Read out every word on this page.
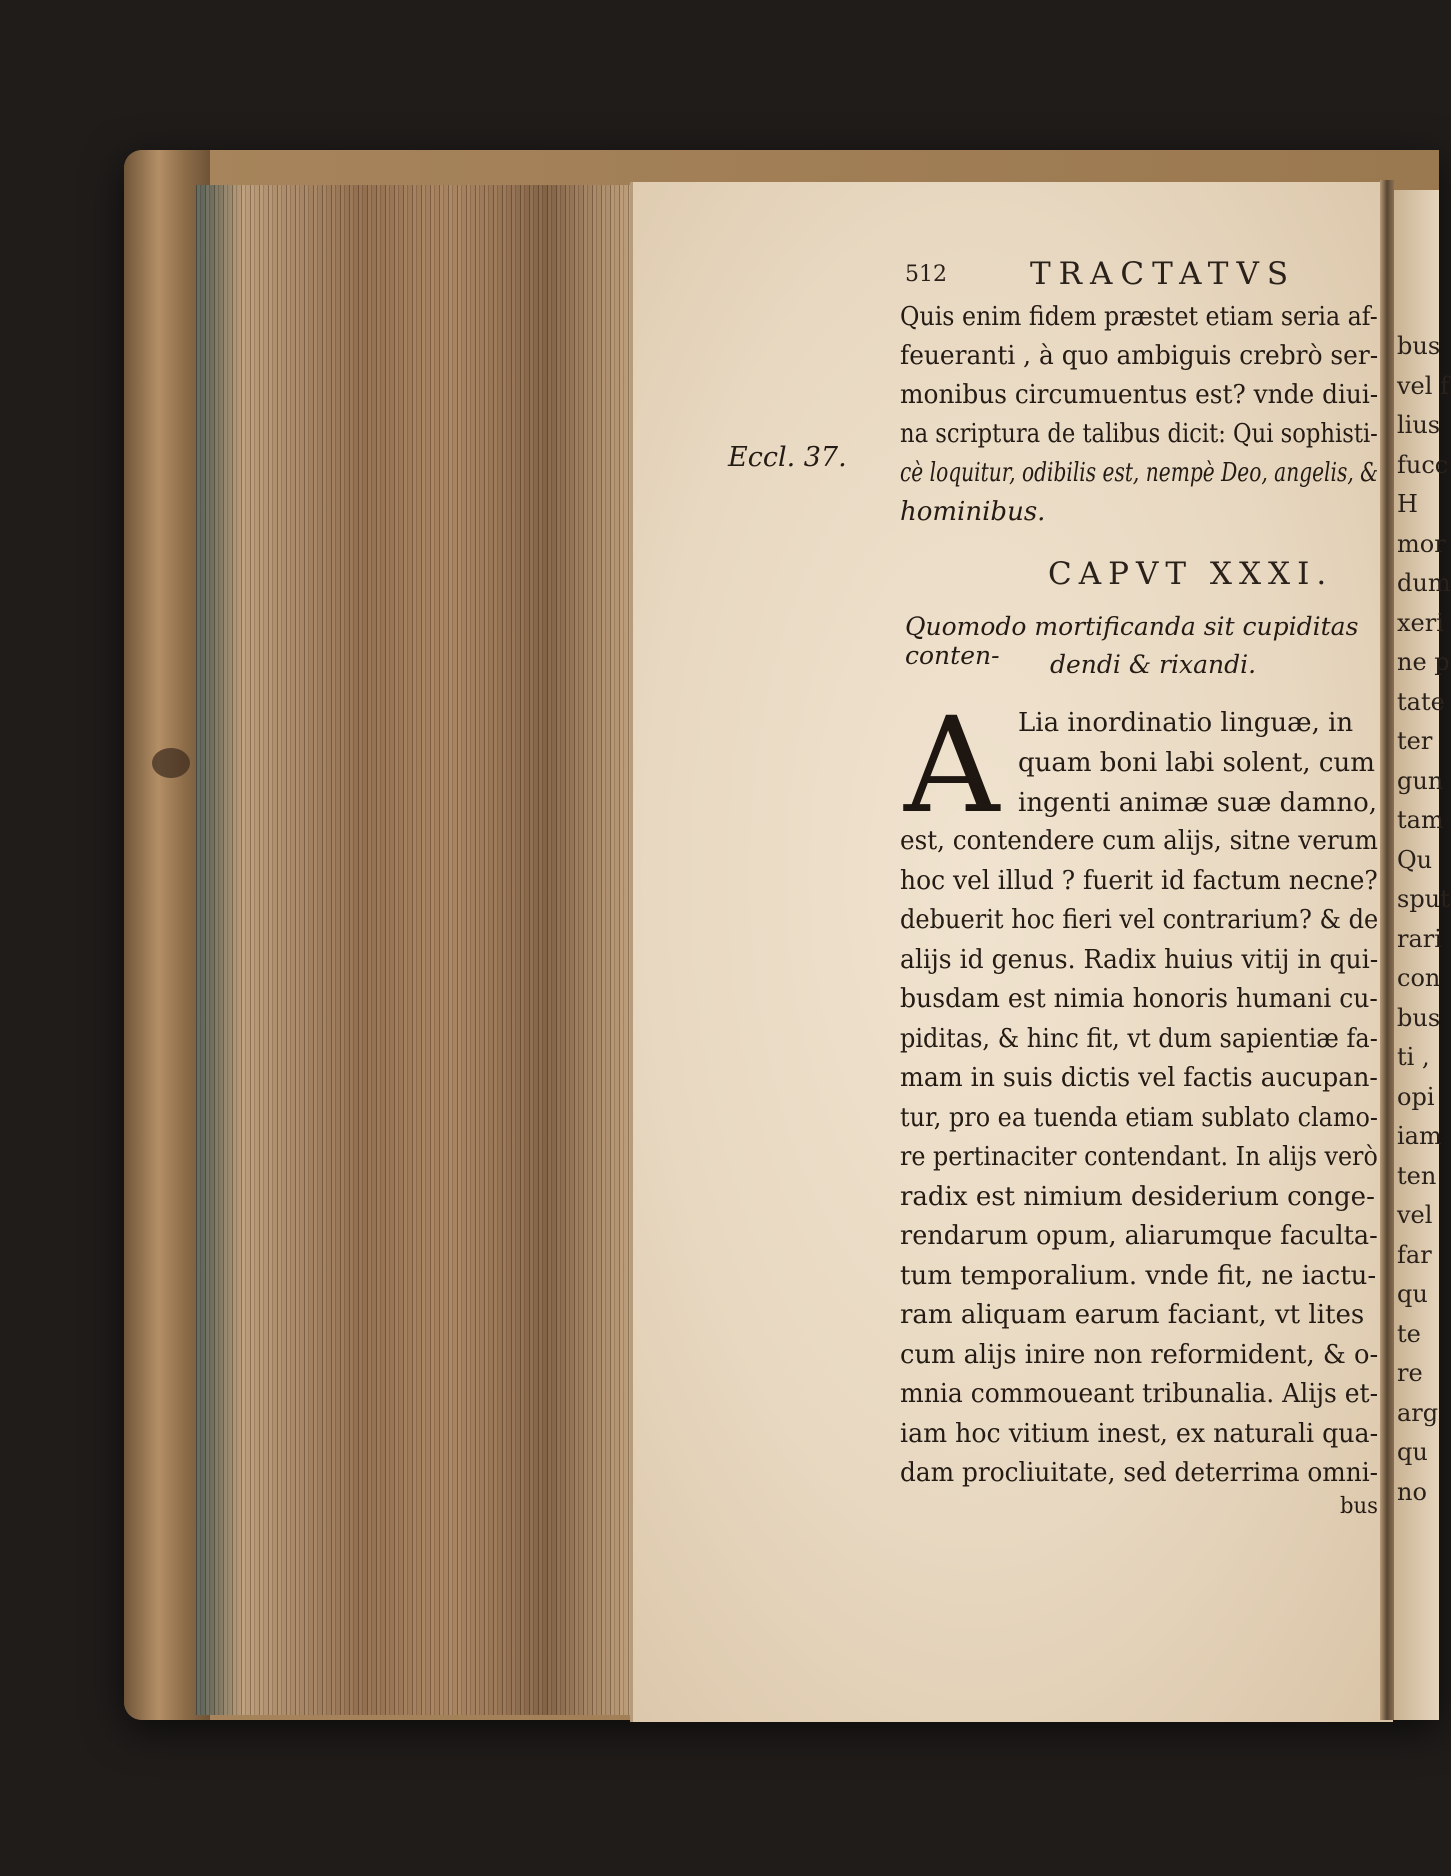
512	TRACTATVS
Eccl. 37.
Quis enim fidem præstet etiam seria af-
feueranti , à quo ambiguis crebrò ser-
monibus circumuentus est? vnde diui-
na scriptura de talibus dicit: Qui sophisti-
cè loquitur, odibilis est, nempè Deo, angelis, &
hominibus.
CAPVT XXXI.
Quomodo mortificanda sit cupiditas conten-	dendi & rixandi.
A Lia inordinatio linguæ, in
quam boni labi solent, cum
ingenti animæ suæ damno,
est, contendere cum alijs, sitne verum
hoc vel illud ? fuerit id factum necne?
debuerit hoc fieri vel contrarium? & de
alijs id genus. Radix huius vitij in qui-
busdam est nimia honoris humani cu-
piditas, & hinc fit, vt dum sapientiæ fa-
mam in suis dictis vel factis aucupan-
tur, pro ea tuenda etiam sublato clamo-
re pertinaciter contendant. In alijs verò
radix est nimium desiderium conge-
rendarum opum, aliarumque faculta-
tum temporalium. vnde fit, ne iactu-
ram aliquam earum faciant, vt lites
cum alijs inire non reformident, & o-
mnia commoueant tribunalia. Alijs et-
iam hoc vitium inest, ex naturali qua-
dam procliuitate, sed deterrima omni-
bus
bus
vel f
lius
fucc
H
mor
dum
xeri
ne p
tate
ter
gun
tam
Qu
sput
rari
con
bus
ti ,
opi
iam
ten
vel
far
qu
te
re
arg
qu
no
